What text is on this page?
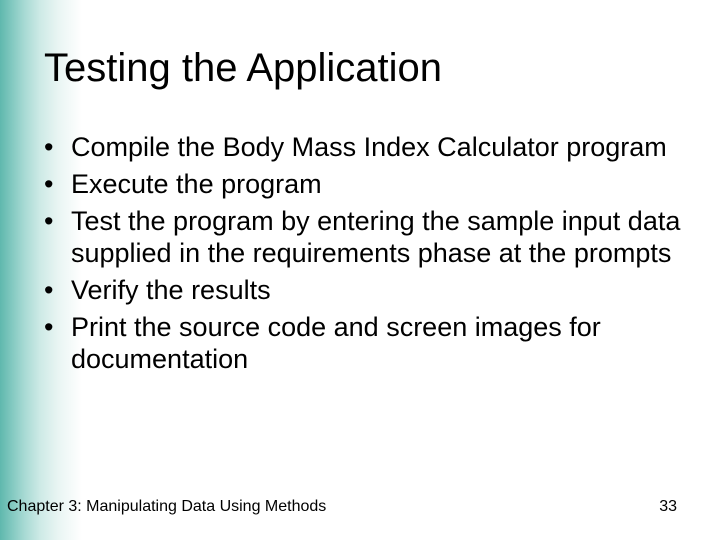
Testing the Application
• Compile the Body Mass Index Calculator program
• Execute the program
• Test the program by entering the sample input data supplied in the requirements phase at the prompts
• Verify the results
• Print the source code and screen images for documentation
Chapter 3: Manipulating Data Using Methods	33
